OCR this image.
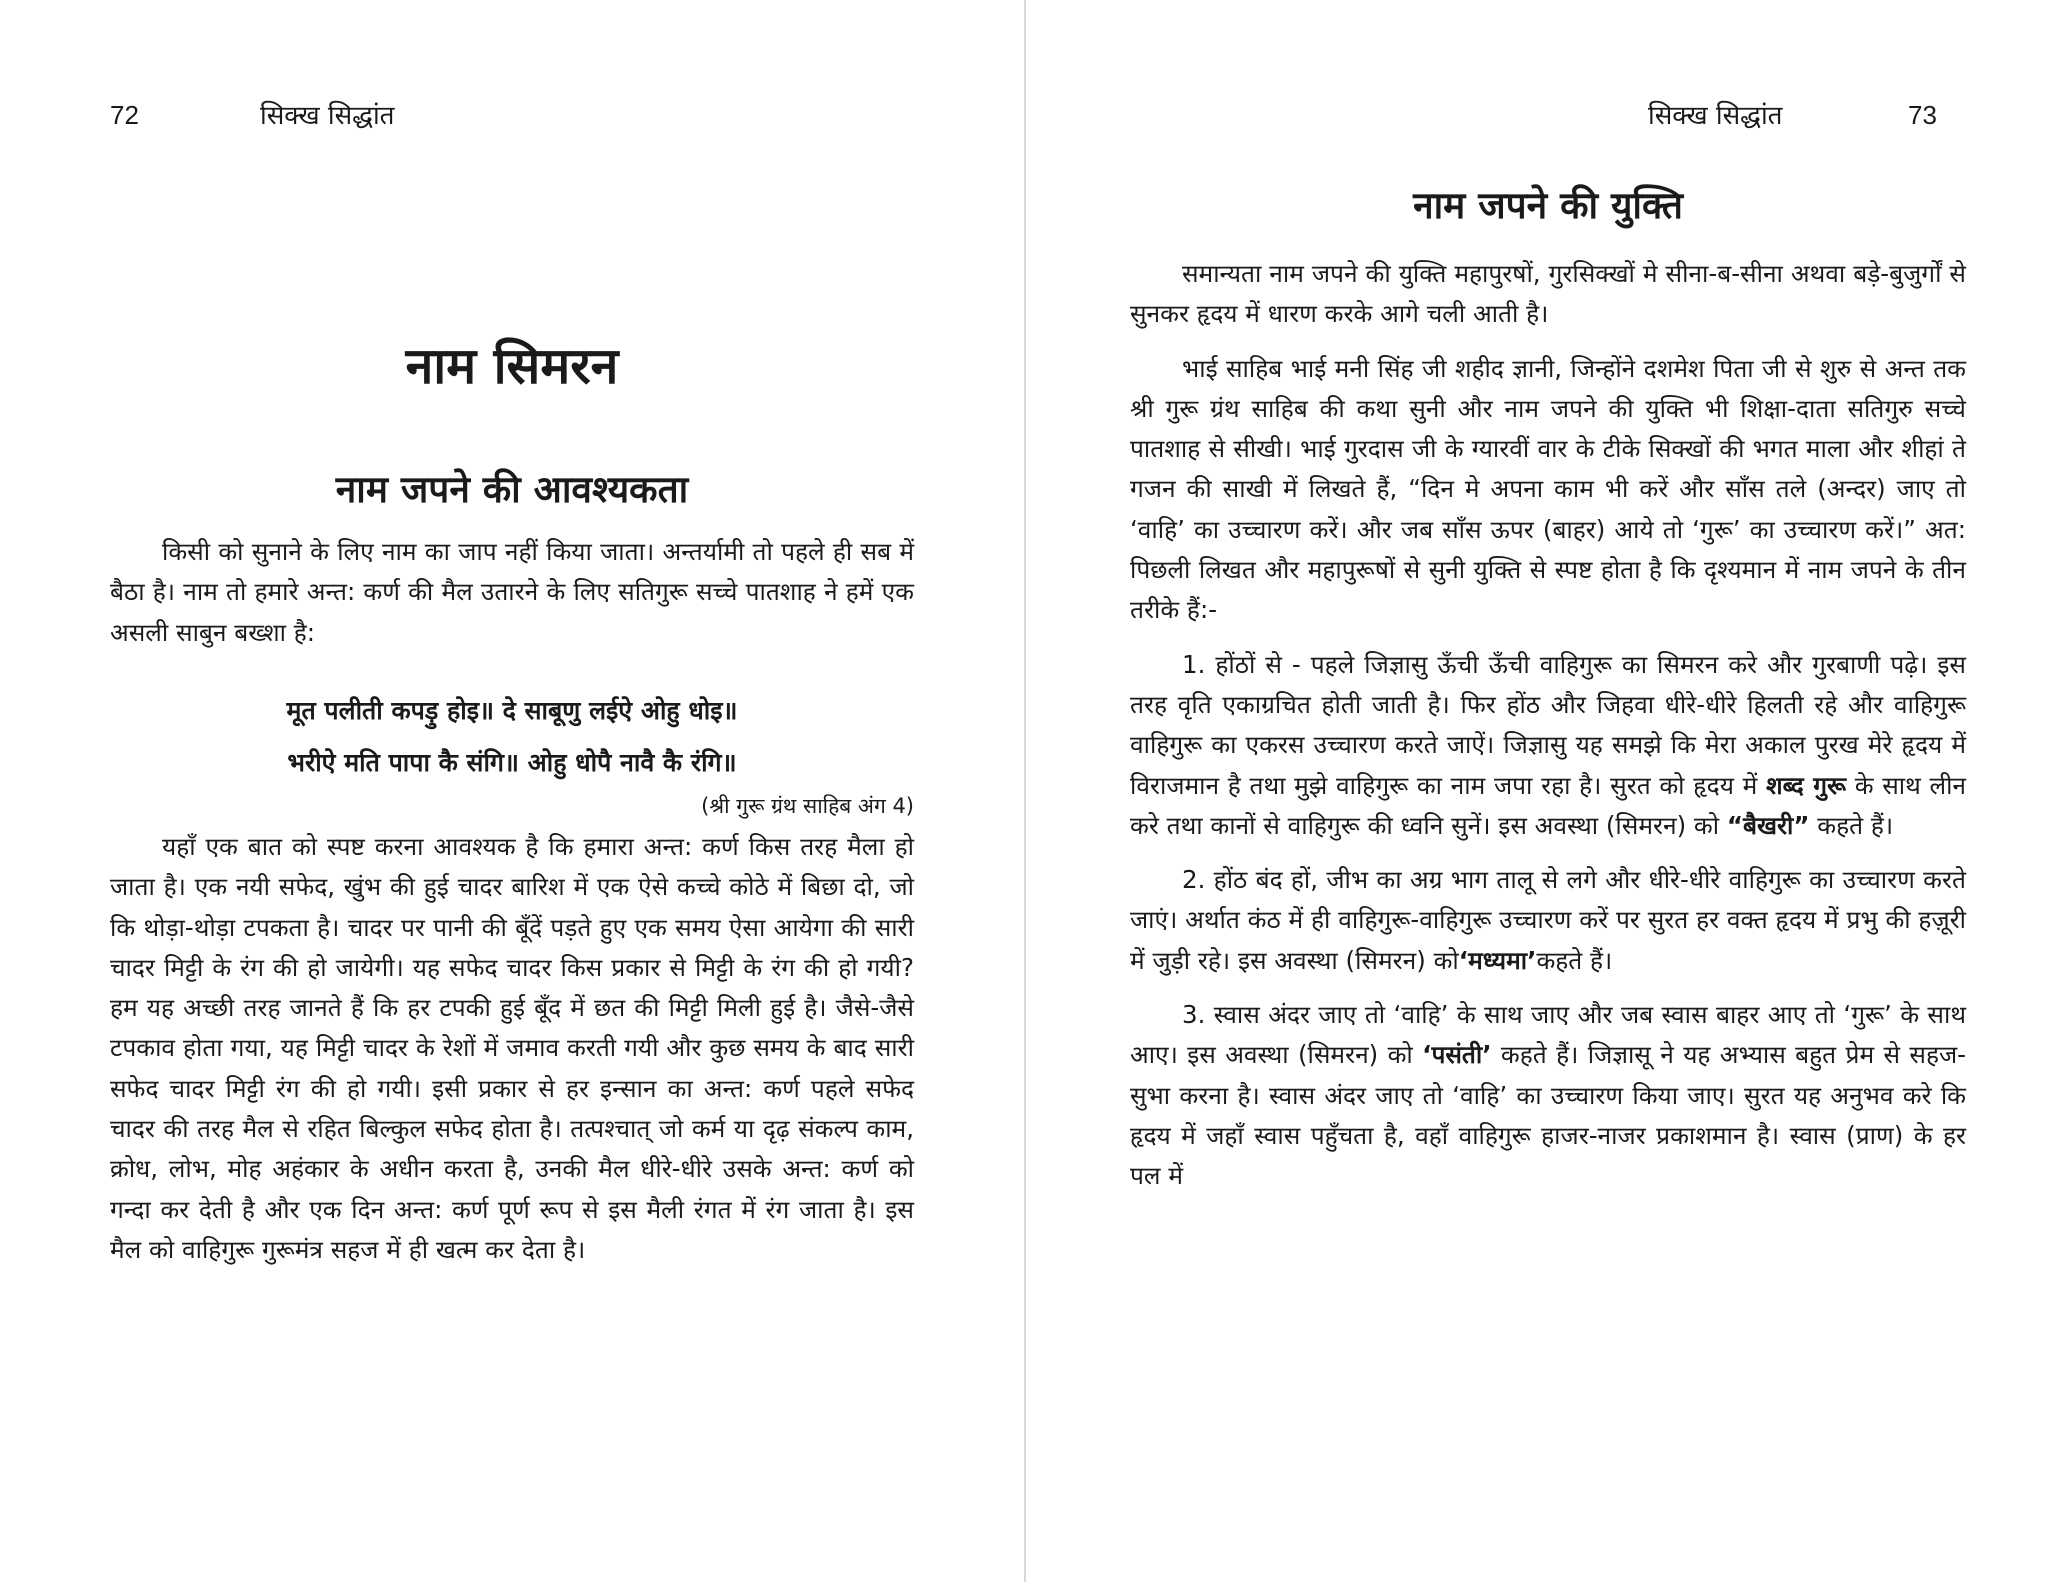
72	सिक्ख सिद्धांत
नाम सिमरन
नाम जपने की आवश्यकता

किसी को सुनाने के लिए नाम का जाप नहीं किया जाता। अन्तर्यामी तो पहले ही सब में बैठा है। नाम तो हमारे अन्त: कर्ण की मैल उतारने के लिए सतिगुरू सच्चे पातशाह ने हमें एक असली साबुन बख्शा है:

मूत पलीती कपड़ु होइ॥ दे साबूणु लईऐ ओहु धोइ॥
भरीऐ मति पापा कै संगि॥ ओहु धोपै नावै कै रंगि॥
(श्री गुरू ग्रंथ साहिब अंग 4)

यहाँ एक बात को स्पष्ट करना आवश्यक है कि हमारा अन्त: कर्ण किस तरह मैला हो जाता है। एक नयी सफेद, खुंभ की हुई चादर बारिश में एक ऐसे कच्चे कोठे में बिछा दो, जो कि थोड़ा-थोड़ा टपकता है। चादर पर पानी की बूँदें पड़ते हुए एक समय ऐसा आयेगा की सारी चादर मिट्टी के रंग की हो जायेगी। यह सफेद चादर किस प्रकार से मिट्टी के रंग की हो गयी? हम यह अच्छी तरह जानते हैं कि हर टपकी हुई बूँद में छत की मिट्टी मिली हुई है। जैसे-जैसे टपकाव होता गया, यह मिट्टी चादर के रेशों में जमाव करती गयी और कुछ समय के बाद सारी सफेद चादर मिट्टी रंग की हो गयी। इसी प्रकार से हर इन्सान का अन्त: कर्ण पहले सफेद चादर की तरह मैल से रहित बिल्कुल सफेद होता है। तत्पश्चात् जो कर्म या दृढ़ संकल्प काम, क्रोध, लोभ, मोह अहंकार के अधीन करता है, उनकी मैल धीरे-धीरे उसके अन्त: कर्ण को गन्दा कर देती है और एक दिन अन्त: कर्ण पूर्ण रूप से इस मैली रंगत में रंग जाता है। इस मैल को वाहिगुरू गुरूमंत्र सहज में ही खत्म कर देता है।

सिक्ख सिद्धांत	73
नाम जपने की युक्ति

समान्यता नाम जपने की युक्ति महापुरषों, गुरसिक्खों मे सीना-ब-सीना अथवा बड़े-बुजुर्गों से सुनकर हृदय में धारण करके आगे चली आती है।

भाई साहिब भाई मनी सिंह जी शहीद ज्ञानी, जिन्होंने दशमेश पिता जी से शुरु से अन्त तक श्री गुरू ग्रंथ साहिब की कथा सुनी और नाम जपने की युक्ति भी शिक्षा-दाता सतिगुरु सच्चे पातशाह से सीखी। भाई गुरदास जी के ग्यारवीं वार के टीके सिक्खों की भगत माला और शीहां ते गजन की साखी में लिखते हैं, “दिन मे अपना काम भी करें और साँस तले (अन्दर) जाए तो ‘वाहि’ का उच्चारण करें। और जब साँस ऊपर (बाहर) आये तो ‘गुरू’ का उच्चारण करें।” अत: पिछली लिखत और महापुरूषों से सुनी युक्ति से स्पष्ट होता है कि दृश्यमान में नाम जपने के तीन तरीके हैं:-

1. होंठों से - पहले जिज्ञासु ऊँची ऊँची वाहिगुरू का सिमरन करे और गुरबाणी पढ़े। इस तरह वृति एकाग्रचित होती जाती है। फिर होंठ और जिहवा धीरे-धीरे हिलती रहे और वाहिगुरू वाहिगुरू का एकरस उच्चारण करते जाऐं। जिज्ञासु यह समझे कि मेरा अकाल पुरख मेरे हृदय में विराजमान है तथा मुझे वाहिगुरू का नाम जपा रहा है। सुरत को हृदय में शब्द गुरू के साथ लीन करे तथा कानों से वाहिगुरू की ध्वनि सुनें। इस अवस्था (सिमरन) को “बैखरी” कहते हैं।

2. होंठ बंद हों, जीभ का अग्र भाग तालू से लगे और धीरे-धीरे वाहिगुरू का उच्चारण करते जाएं। अर्थात कंठ में ही वाहिगुरू-वाहिगुरू उच्चारण करें पर सुरत हर वक्त हृदय में प्रभु की हज़ूरी में जुड़ी रहे। इस अवस्था (सिमरन) को‘मध्यमा’कहते हैं।

3. स्वास अंदर जाए तो ‘वाहि’ के साथ जाए और जब स्वास बाहर आए तो ‘गुरू’ के साथ आए। इस अवस्था (सिमरन) को ‘पसंती’ कहते हैं। जिज्ञासू ने यह अभ्यास बहुत प्रेम से सहज-सुभा करना है। स्वास अंदर जाए तो ‘वाहि’ का उच्चारण किया जाए। सुरत यह अनुभव करे कि हृदय में जहाँ स्वास पहुँचता है, वहाँ वाहिगुरू हाजर-नाजर प्रकाशमान है। स्वास (प्राण) के हर पल में
